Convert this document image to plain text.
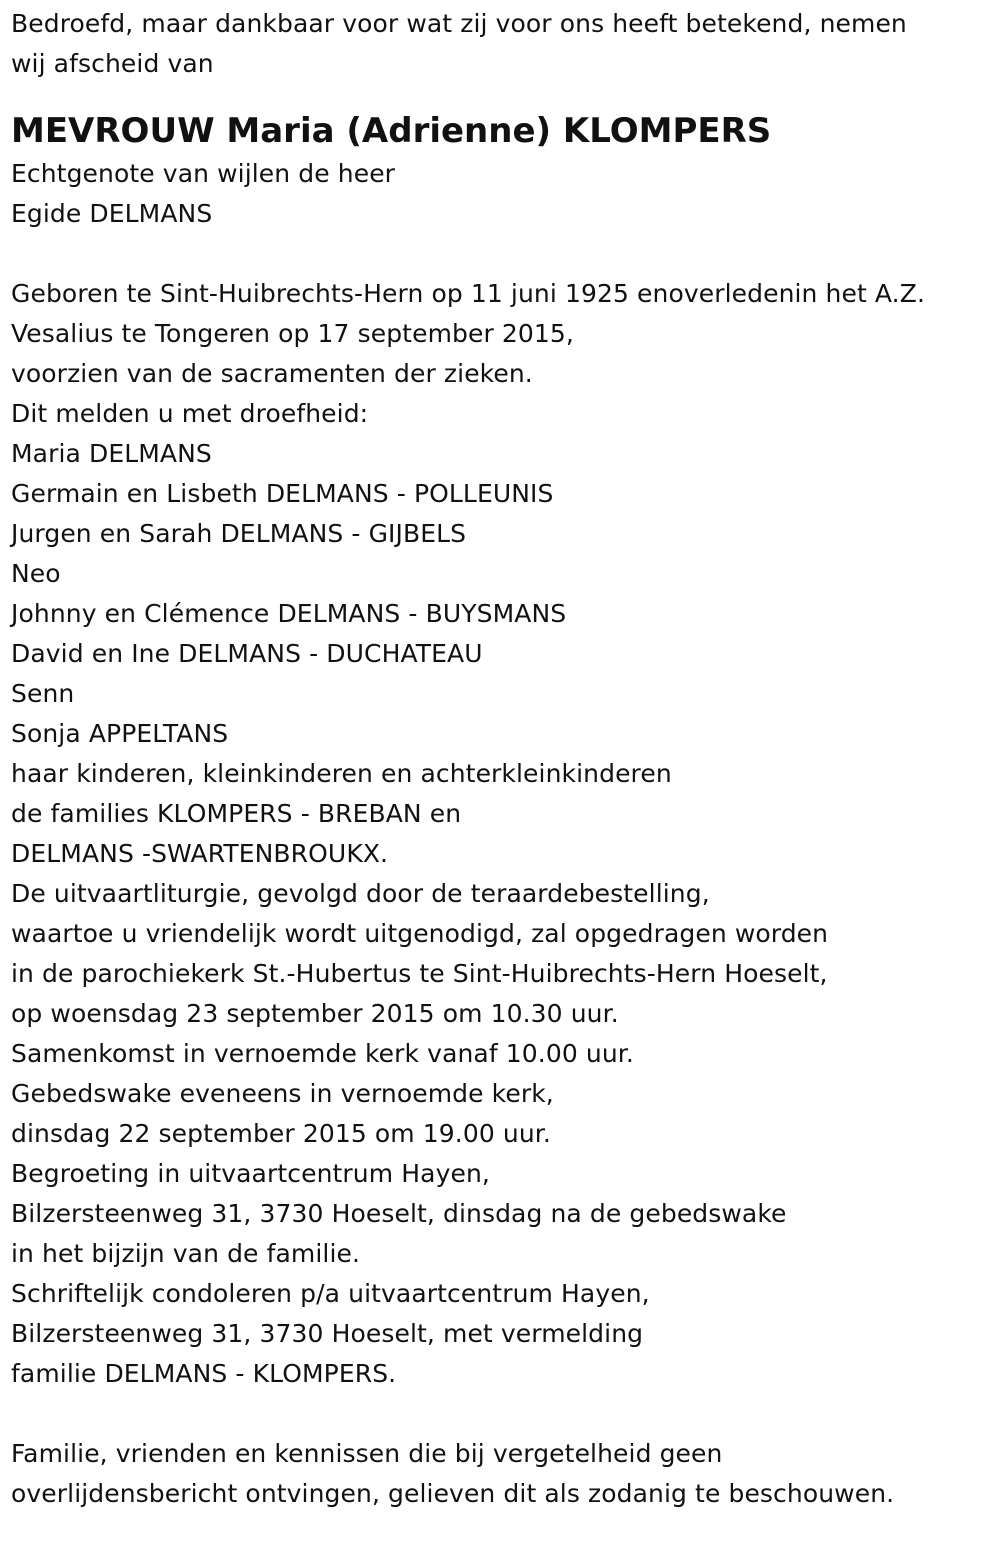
Bedroefd, maar dankbaar voor wat zij voor ons heeft betekend, nemen
wij afscheid van
MEVROUW Maria (Adrienne) KLOMPERS
Echtgenote van wijlen de heer
Egide DELMANS
Geboren te Sint-Huibrechts-Hern op 11 juni 1925 enoverledenin het A.Z.
Vesalius te Tongeren op 17 september 2015,
voorzien van de sacramenten der zieken.
Dit melden u met droefheid:
Maria DELMANS
Germain en Lisbeth DELMANS - POLLEUNIS
Jurgen en Sarah DELMANS - GIJBELS
Neo
Johnny en Clémence DELMANS - BUYSMANS
David en Ine DELMANS - DUCHATEAU
Senn
Sonja APPELTANS
haar kinderen, kleinkinderen en achterkleinkinderen
de families KLOMPERS - BREBAN en
DELMANS -SWARTENBROUKX.
De uitvaartliturgie, gevolgd door de teraardebestelling,
waartoe u vriendelijk wordt uitgenodigd, zal opgedragen worden
in de parochiekerk St.-Hubertus te Sint-Huibrechts-Hern Hoeselt,
op woensdag 23 september 2015 om 10.30 uur.
Samenkomst in vernoemde kerk vanaf 10.00 uur.
Gebedswake eveneens in vernoemde kerk,
dinsdag 22 september 2015 om 19.00 uur.
Begroeting in uitvaartcentrum Hayen,
Bilzersteenweg 31, 3730 Hoeselt, dinsdag na de gebedswake
in het bijzijn van de familie.
Schriftelijk condoleren p/a uitvaartcentrum Hayen,
Bilzersteenweg 31, 3730 Hoeselt, met vermelding
familie DELMANS - KLOMPERS.
Familie, vrienden en kennissen die bij vergetelheid geen
overlijdensbericht ontvingen, gelieven dit als zodanig te beschouwen.
